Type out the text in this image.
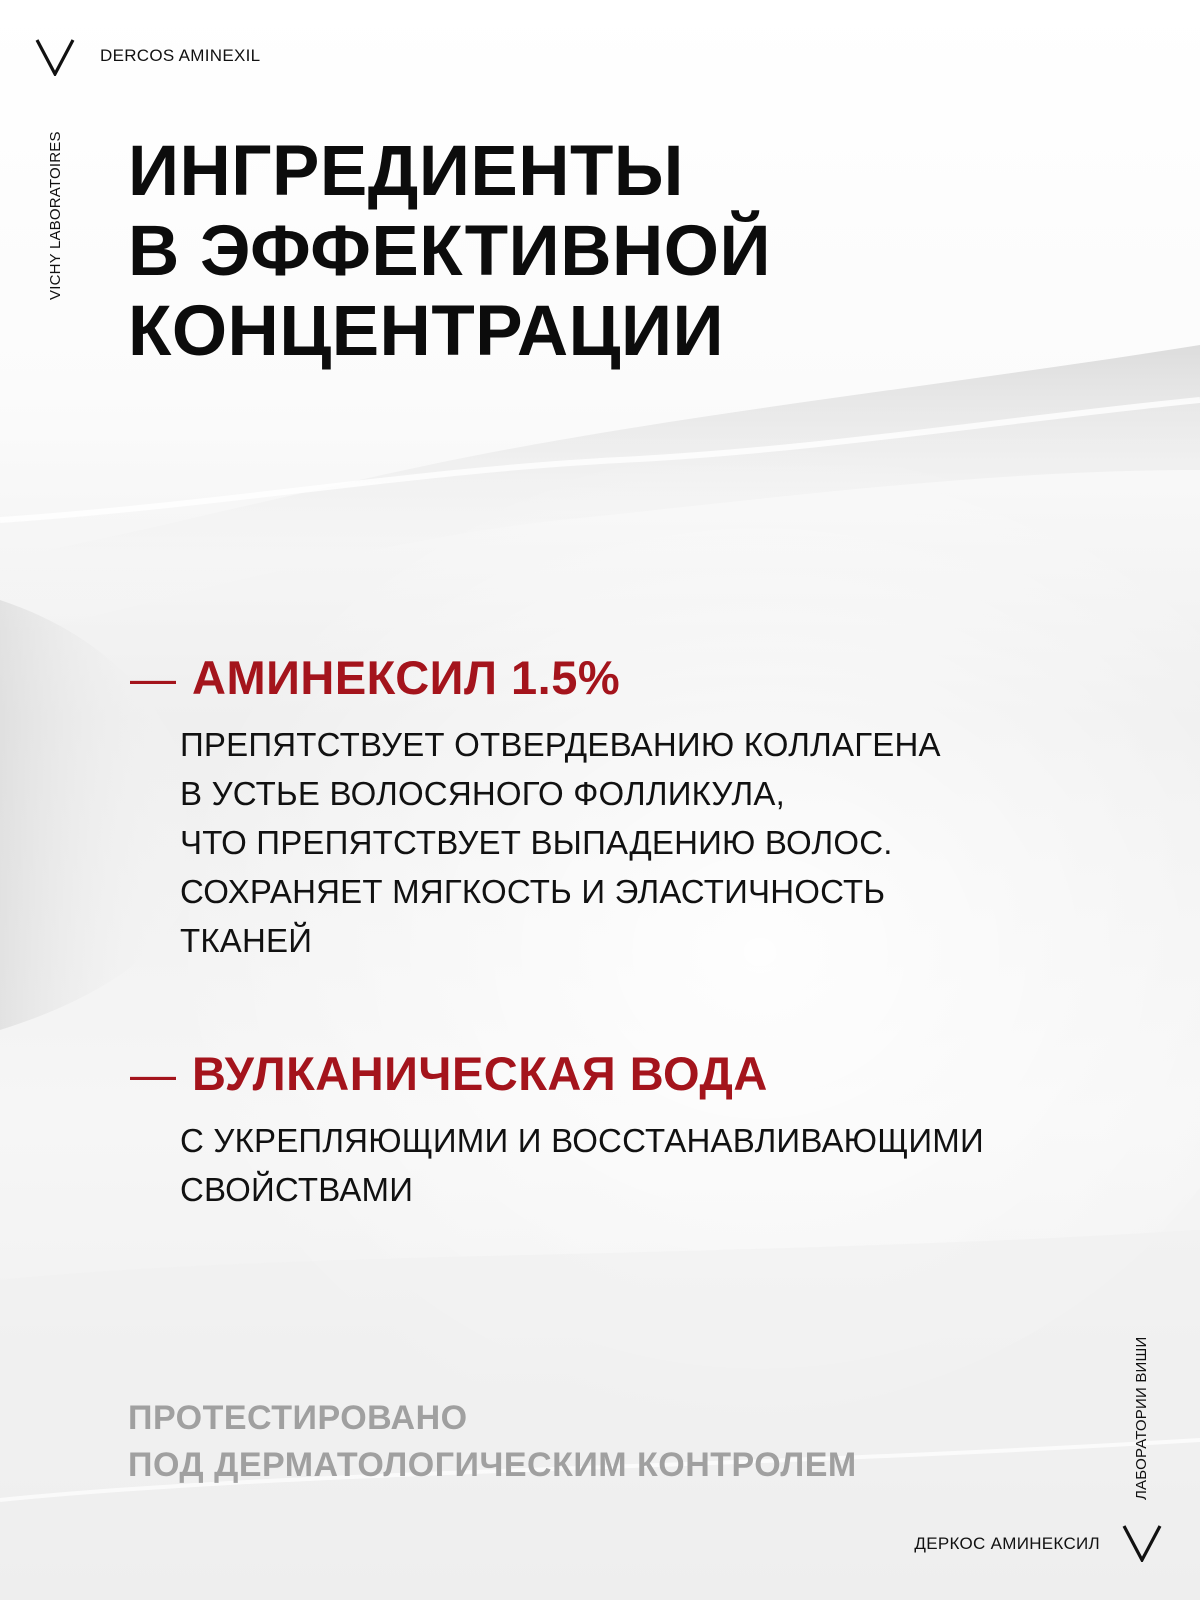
DERCOS AMINEXIL
VICHY LABORATOIRES ИНГРЕДИЕНТЫ
В ЭФФЕКТИВНОЙ
КОНЦЕНТРАЦИИ
— АМИНЕКСИЛ 1.5%
ПРЕПЯТСТВУЕТ ОТВЕРДЕВАНИЮ КОЛЛАГЕНА
В УСТЬЕ ВОЛОСЯНОГО ФОЛЛИКУЛА,
ЧТО ПРЕПЯТСТВУЕТ ВЫПАДЕНИЮ ВОЛОС.
СОХРАНЯЕТ МЯГКОСТЬ И ЭЛАСТИЧНОСТЬ
ТКАНЕЙ
— ВУЛКАНИЧЕСКАЯ ВОДА
С УКРЕПЛЯЮЩИМИ И ВОССТАНАВЛИВАЮЩИМИ
СВОЙСТВАМИ
ПРОТЕСТИРОВАНО
ПОД ДЕРМАТОЛОГИЧЕСКИМ КОНТРОЛЕМ	ЛАБОРАТОРИИ ВИШИ
ДЕРКОС АМИНЕКСИЛ
